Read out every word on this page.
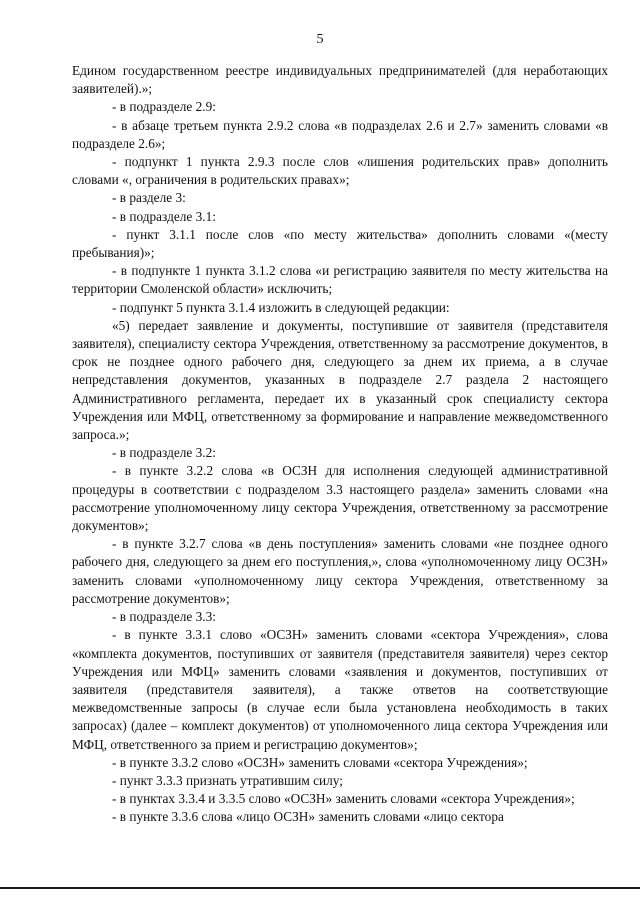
5

Едином государственном реестре индивидуальных предпринимателей (для неработающих заявителей).»;

- в подразделе 2.9:

- в абзаце третьем пункта 2.9.2 слова «в подразделах 2.6 и 2.7» заменить словами «в подразделе 2.6»;

- подпункт 1 пункта 2.9.3 после слов «лишения родительских прав» дополнить словами «, ограничения в родительских правах»;

- в разделе 3:

- в подразделе 3.1:

- пункт 3.1.1 после слов «по месту жительства» дополнить словами «(месту пребывания)»;

- в подпункте 1 пункта 3.1.2 слова «и регистрацию заявителя по месту жительства на территории Смоленской области» исключить;

- подпункт 5 пункта 3.1.4 изложить в следующей редакции:

«5) передает заявление и документы, поступившие от заявителя (представителя заявителя), специалисту сектора Учреждения, ответственному за рассмотрение документов, в срок не позднее одного рабочего дня, следующего за днем их приема, а в случае непредставления документов, указанных в подразделе 2.7 раздела 2 настоящего Административного регламента, передает их в указанный срок специалисту сектора Учреждения или МФЦ, ответственному за формирование и направление межведомственного запроса.»;

- в подразделе 3.2:

- в пункте 3.2.2 слова «в ОСЗН для исполнения следующей административной процедуры в соответствии с подразделом 3.3 настоящего раздела» заменить словами «на рассмотрение уполномоченному лицу сектора Учреждения, ответственному за рассмотрение документов»;

- в пункте 3.2.7 слова «в день поступления» заменить словами «не позднее одного рабочего дня, следующего за днем его поступления,», слова «уполномоченному лицу ОСЗН» заменить словами «уполномоченному лицу сектора Учреждения, ответственному за рассмотрение документов»;

- в подразделе 3.3:

- в пункте 3.3.1 слово «ОСЗН» заменить словами «сектора Учреждения», слова «комплекта документов, поступивших от заявителя (представителя заявителя) через сектор Учреждения или МФЦ» заменить словами «заявления и документов, поступивших от заявителя (представителя заявителя), а также ответов на соответствующие межведомственные запросы (в случае если была установлена необходимость в таких запросах) (далее – комплект документов) от уполномоченного лица сектора Учреждения или МФЦ, ответственного за прием и регистрацию документов»;

- в пункте 3.3.2 слово «ОСЗН» заменить словами «сектора Учреждения»;

- пункт 3.3.3 признать утратившим силу;

- в пунктах 3.3.4 и 3.3.5 слово «ОСЗН» заменить словами «сектора Учреждения»;

- в пункте 3.3.6 слова «лицо ОСЗН» заменить словами «лицо сектора
